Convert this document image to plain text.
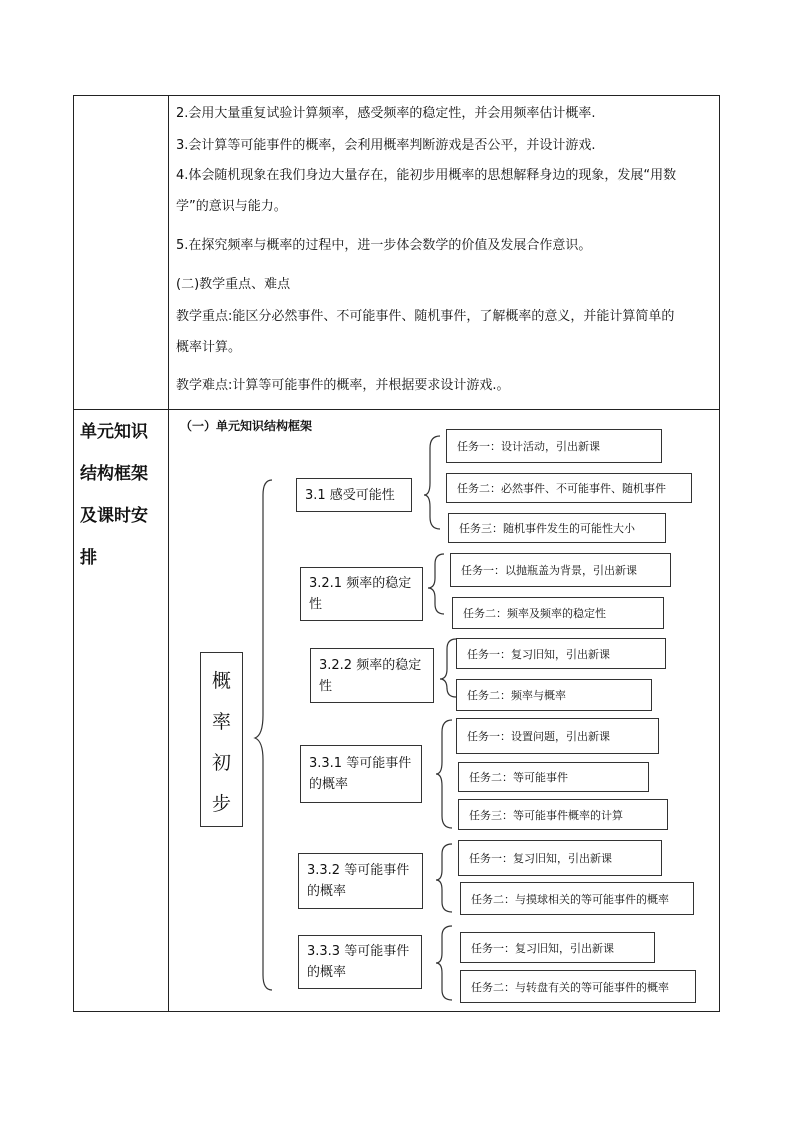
2.会用大量重复试验计算频率，感受频率的稳定性，并会用频率估计概率.
3.会计算等可能事件的概率，会利用概率判断游戏是否公平，并设计游戏.
4.体会随机现象在我们身边大量存在，能初步用概率的思想解释身边的现象，发展“用数
学”的意识与能力。
5.在探究频率与概率的过程中，进一步体会数学的价值及发展合作意识。
(二)教学重点、难点
教学重点:能区分必然事件、不可能事件、随机事件，了解概率的意义，并能计算简单的
概率计算。
教学难点:计算等可能事件的概率，并根据要求设计游戏.。
单元知识
结构框架
及课时安
排
（一）单元知识结构框架
概
率
初
步
3.1 感受可能性
3.2.1 频率的稳定性
3.2.2 频率的稳定性
3.3.1 等可能事件的概率
3.3.2 等可能事件的概率
3.3.3 等可能事件的概率
任务一：设计活动，引出新课
任务二：必然事件、不可能事件、随机事件
任务三：随机事件发生的可能性大小
任务一：以抛瓶盖为背景，引出新课
任务二：频率及频率的稳定性
任务一：复习旧知，引出新课
任务二：频率与概率
任务一：设置问题，引出新课
任务二：等可能事件
任务三：等可能事件概率的计算
任务一：复习旧知，引出新课
任务二：与摸球相关的等可能事件的概率
任务一：复习旧知，引出新课
任务二：与转盘有关的等可能事件的概率
